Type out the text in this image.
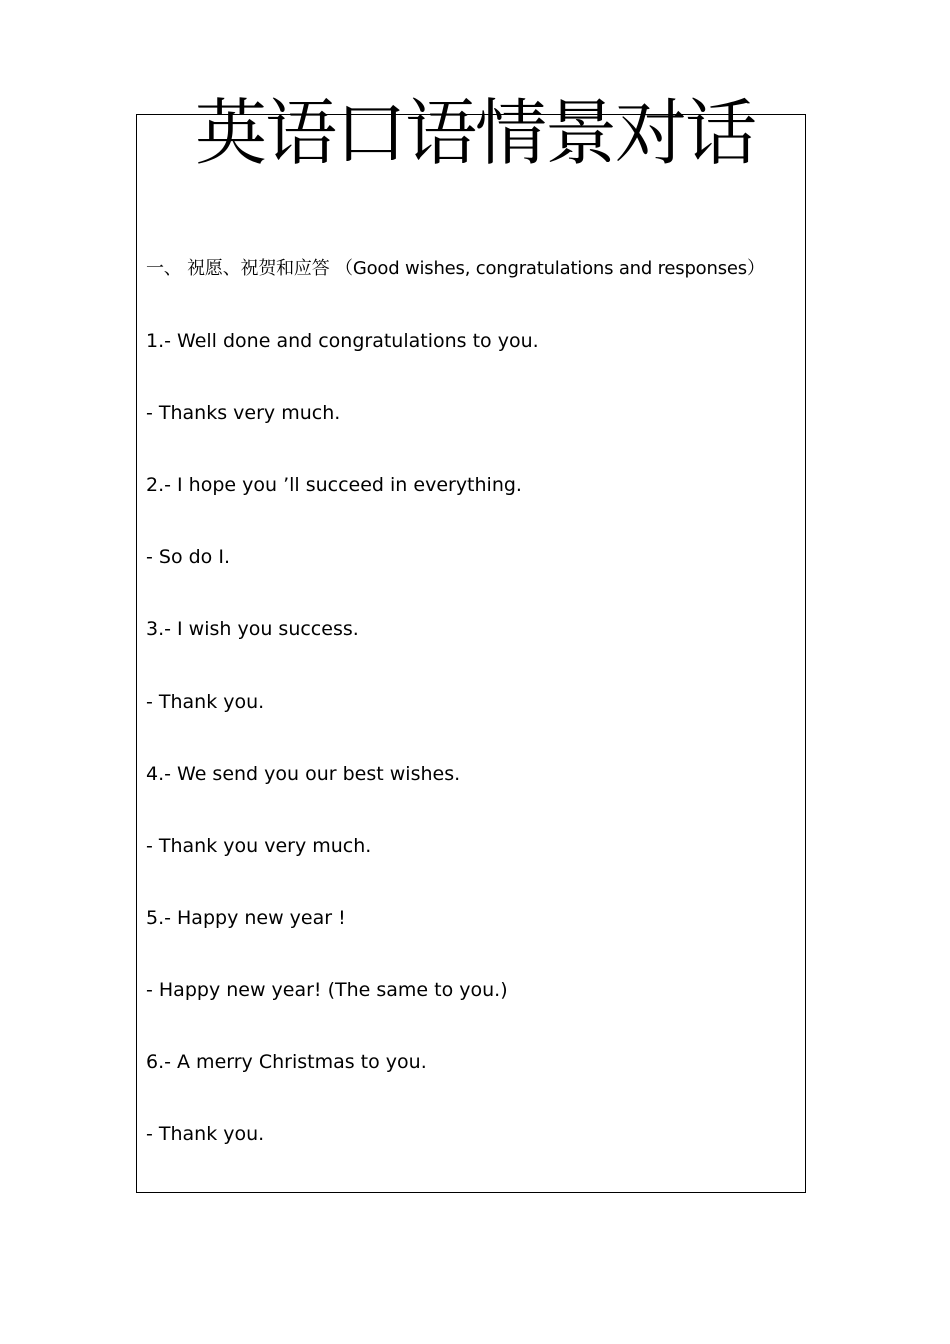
英语口语情景对话
一、 祝愿、祝贺和应答 （Good wishes, congratulations and responses）
1.- Well done and congratulations to you.
- Thanks very much.
2.- I hope you ’ll succeed in everything.
- So do I.
3.- I wish you success.
- Thank you.
4.- We send you our best wishes.
- Thank you very much.
5.- Happy new year !
- Happy new year! (The same to you.)
6.- A merry Christmas to you.
- Thank you.
